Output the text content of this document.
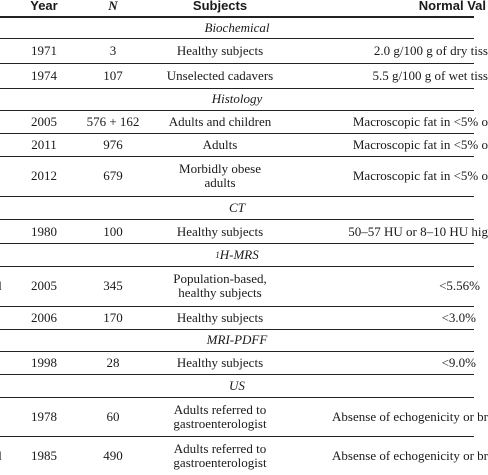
Year	N	Subjects	Normal Val
Biochemical
1971	3	Healthy subjects	2.0 g/100 g of dry tiss
1974	107	Unselected cadavers	5.5 g/100 g of wet tiss
Histology
2005	576 + 162	Adults and children	Macroscopic fat in <5% o
2011	976	Adults	Macroscopic fat in <5% o
2012	679	Morbidly obese adults	Macroscopic fat in <5% o
CT
1980	100	Healthy subjects	50–57 HU or 8–10 HU hig
1 H-MRS
2005	345	Population-based, healthy subjects	<5.56%
2006	170	Healthy subjects	<3.0%
MRI-PDFF
1998	28	Healthy subjects	<9.0%
US
1978	60	Adults referred to gastroenterologist	Absense of echogenicity or br
1985	490	Adults referred to gastroenterologist	Absense of echogenicity or br
